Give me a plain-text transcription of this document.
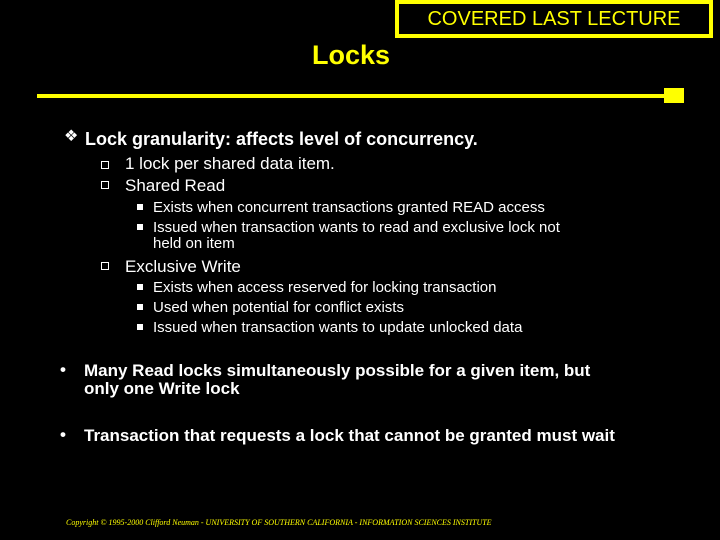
COVERED LAST LECTURE
Locks
❖ Lock granularity: affects level of concurrency.
1 lock per shared data item.
Shared Read
Exists when concurrent transactions granted READ access
Issued when transaction wants to read and exclusive lock not
held on item
Exclusive Write
Exists when access reserved for locking transaction
Used when potential for conflict exists
Issued when transaction wants to update unlocked data
• Many Read locks simultaneously possible for a given item, but
only one Write lock
• Transaction that requests a lock that cannot be granted must wait
Copyright © 1995-2000 Clifford Neuman - UNIVERSITY OF SOUTHERN CALIFORNIA - INFORMATION SCIENCES INSTITUTE
